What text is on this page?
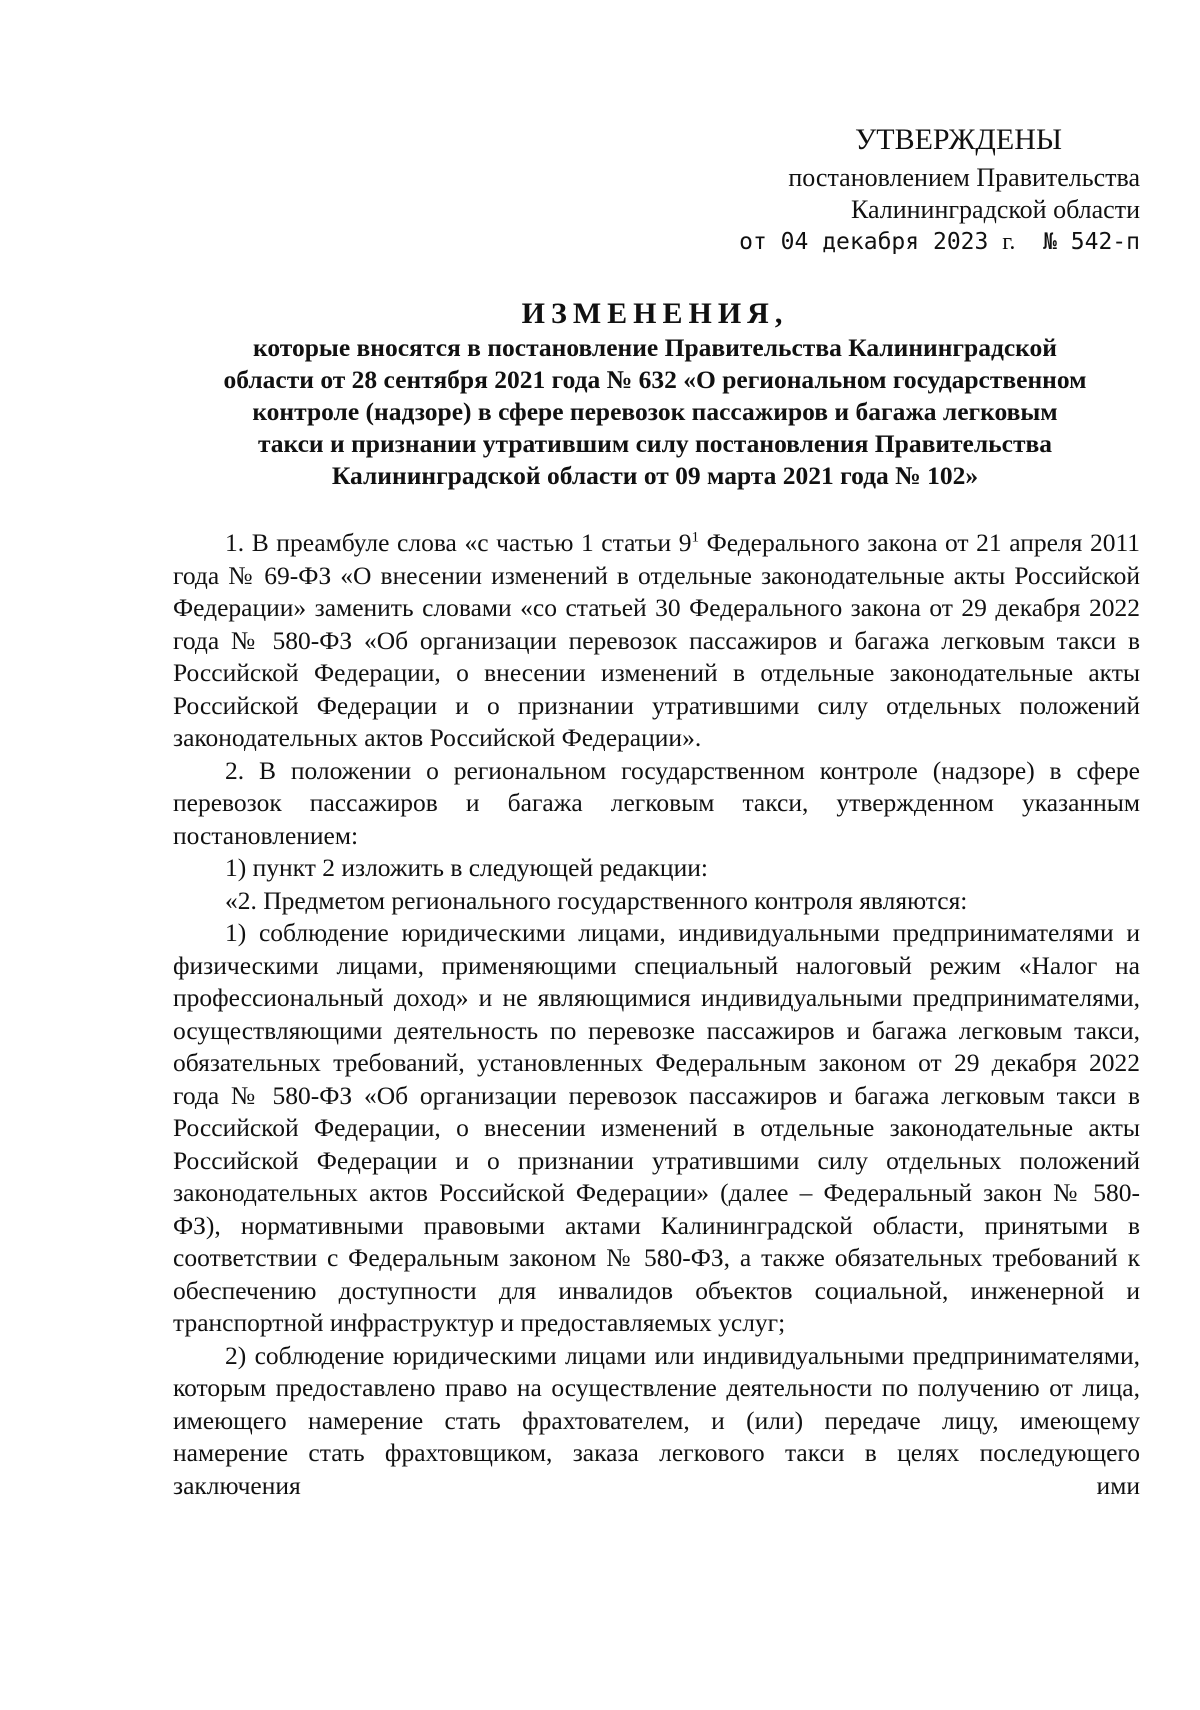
УТВЕРЖДЕНЫ

постановлением Правительства

Калининградской области

от 04 декабря 2023 г. № 542-п

ИЗМЕНЕНИЯ,

которые вносятся в постановление Правительства Калининградской

области от 28 сентября 2021 года № 632 «О региональном государственном

контроле (надзоре) в сфере перевозок пассажиров и багажа легковым

такси и признании утратившим силу постановления Правительства

Калининградской области от 09 марта 2021 года № 102»

1. В преамбуле слова «с частью 1 статьи $9^1$ Федерального закона от 21 апреля 2011 года № 69-ФЗ «О внесении изменений в отдельные законодательные акты Российской Федерации» заменить словами «со статьей 30 Федерального закона от 29 декабря 2022 года № 580-ФЗ «Об организации перевозок пассажиров и багажа легковым такси в Российской Федерации, о внесении изменений в отдельные законодательные акты Российской Федерации и о признании утратившими силу отдельных положений законодательных актов Российской Федерации».

2. В положении о региональном государственном контроле (надзоре) в сфере перевозок пассажиров и багажа легковым такси, утвержденном указанным постановлением:

1) пункт 2 изложить в следующей редакции:

«2. Предметом регионального государственного контроля являются:

1) соблюдение юридическими лицами, индивидуальными предпринимателями и физическими лицами, применяющими специальный налоговый режим «Налог на профессиональный доход» и не являющимися индивидуальными предпринимателями, осуществляющими деятельность по перевозке пассажиров и багажа легковым такси, обязательных требований, установленных Федеральным законом от 29 декабря 2022 года № 580-ФЗ «Об организации перевозок пассажиров и багажа легковым такси в Российской Федерации, о внесении изменений в отдельные законодательные акты Российской Федерации и о признании утратившими силу отдельных положений законодательных актов Российской Федерации» (далее – Федеральный закон № 580-ФЗ), нормативными правовыми актами Калининградской области, принятыми в соответствии с Федеральным законом № 580-ФЗ, а также обязательных требований к обеспечению доступности для инвалидов объектов социальной, инженерной и транспортной инфраструктур и предоставляемых услуг;

2) соблюдение юридическими лицами или индивидуальными предпринимателями, которым предоставлено право на осуществление деятельности по получению от лица, имеющего намерение стать фрахтователем, и (или) передаче лицу, имеющему намерение стать фрахтовщиком, заказа легкового такси в целях последующего заключения ими
